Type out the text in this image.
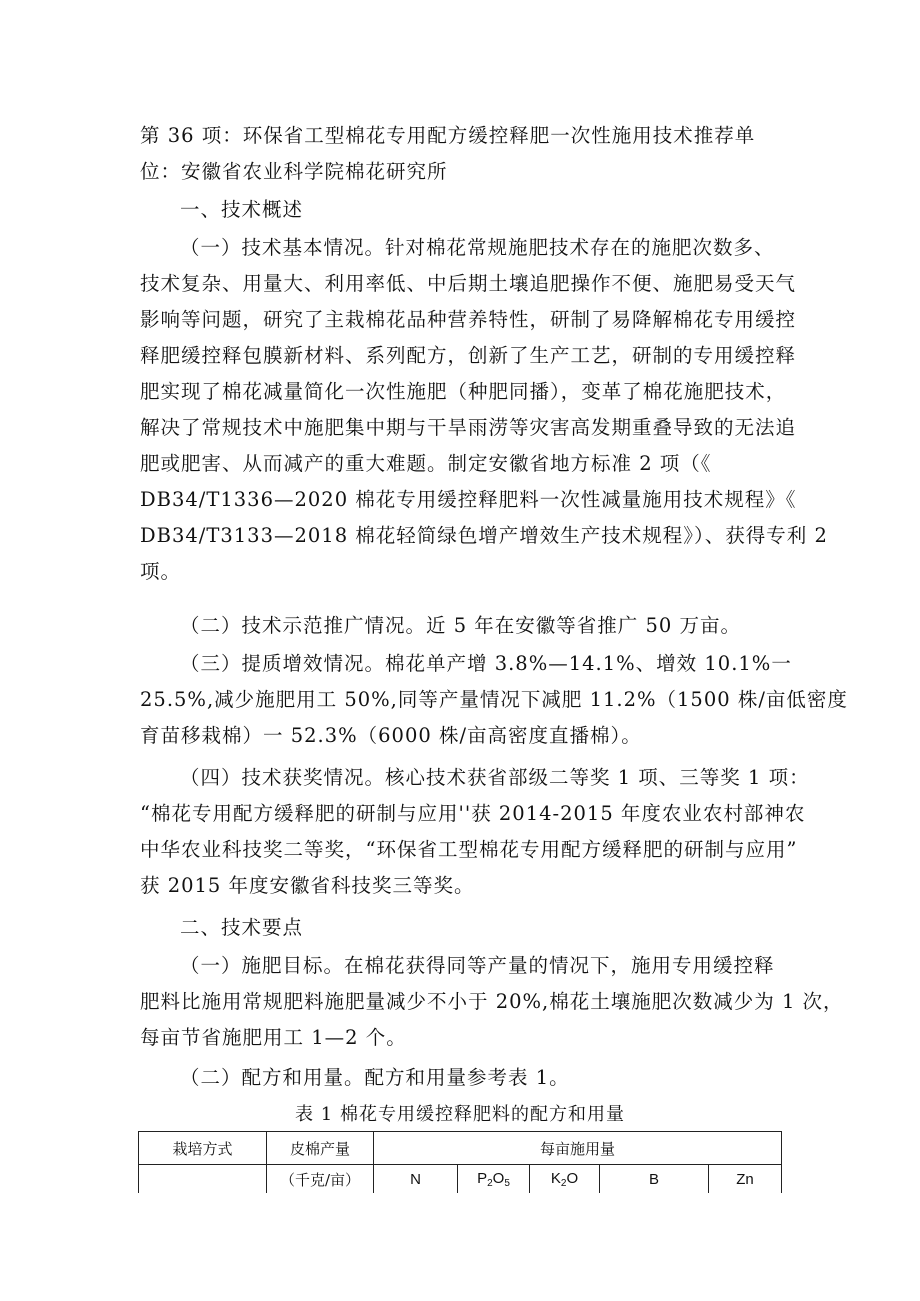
第 36 项：环保省工型棉花专用配方缓控释肥一次性施用技术推荐单
位：安徽省农业科学院棉花研究所
一、技术概述
（一）技术基本情况。针对棉花常规施肥技术存在的施肥次数多、
技术复杂、用量大、利用率低、中后期土壤追肥操作不便、施肥易受天气
影响等问题，研究了主栽棉花品种营养特性，研制了易降解棉花专用缓控
释肥缓控释包膜新材料、系列配方，创新了生产工艺，研制的专用缓控释
肥实现了棉花减量简化一次性施肥（种肥同播），变革了棉花施肥技术，
解决了常规技术中施肥集中期与干旱雨涝等灾害高发期重叠导致的无法追
肥或肥害、从而减产的重大难题。制定安徽省地方标准 2 项（《
DB34/T1336—2020 棉花专用缓控释肥料一次性减量施用技术规程》《
DB34/T3133—2018 棉花轻简绿色增产增效生产技术规程》）、获得专利 2
项。
（二）技术示范推广情况。近 5 年在安徽等省推广 50 万亩。
（三）提质增效情况。棉花单产增 3.8%—14.1%、增效 10.1%一
25.5%,减少施肥用工 50%,同等产量情况下减肥 11.2%（1500 株/亩低密度
育苗移栽棉）一 52.3%（6000 株/亩高密度直播棉）。
（四）技术获奖情况。核心技术获省部级二等奖 1 项、三等奖 1 项：
“棉花专用配方缓释肥的研制与应用''获 2014-2015 年度农业农村部神农
中华农业科技奖二等奖，“环保省工型棉花专用配方缓释肥的研制与应用”
获 2015 年度安徽省科技奖三等奖。
二、技术要点
（一）施肥目标。在棉花获得同等产量的情况下，施用专用缓控释
肥料比施用常规肥料施肥量减少不小于 20%,棉花土壤施肥次数减少为 1 次，
每亩节省施肥用工 1—2 个。
（二）配方和用量。配方和用量参考表 1。
表 1 棉花专用缓控释肥料的配方和用量
栽培方式	皮棉产量	每亩施用量				
	（千克/亩）	N	$P_2O_5$	$K_2O$	B	Zn
